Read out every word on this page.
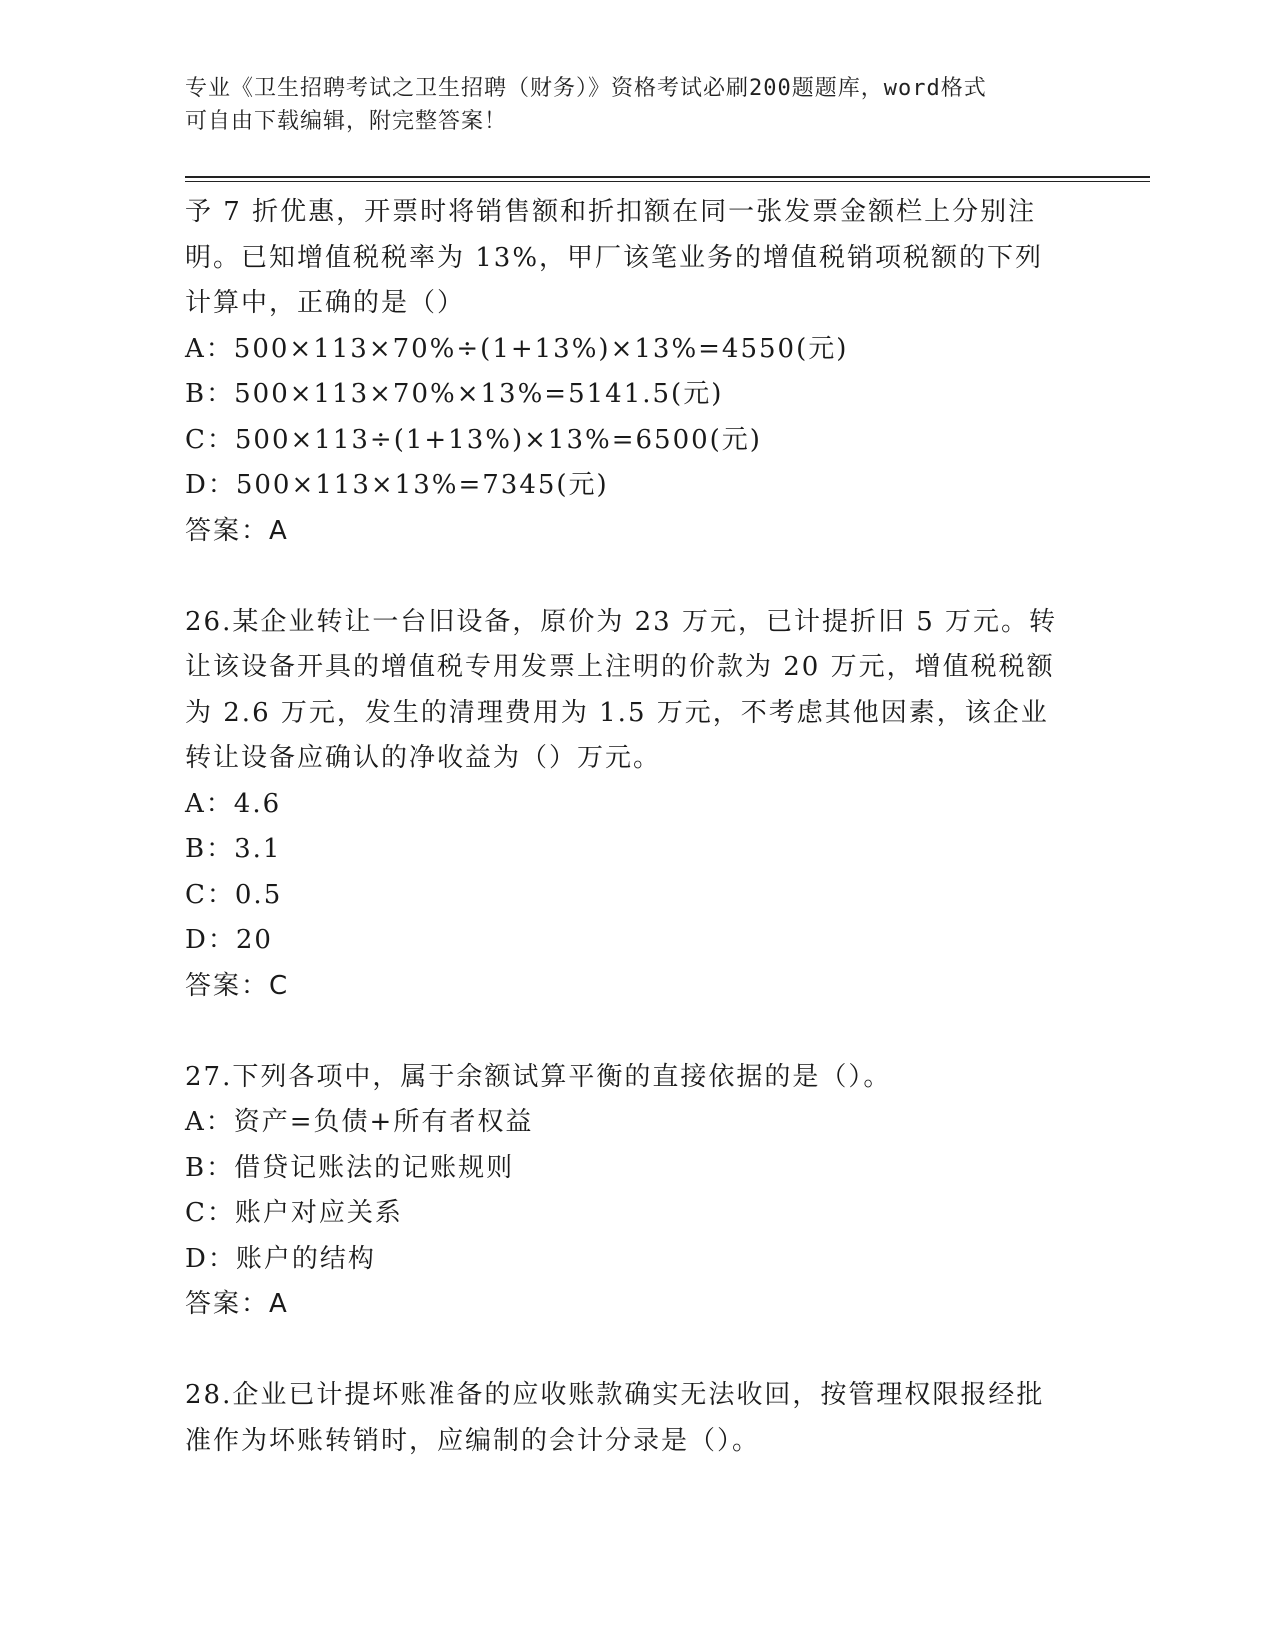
专业《卫生招聘考试之卫生招聘（财务）》资格考试必刷200题题库，word格式
可自由下载编辑，附完整答案！
予 7 折优惠，开票时将销售额和折扣额在同一张发票金额栏上分别注
明。已知增值税税率为 13%，甲厂该笔业务的增值税销项税额的下列
计算中，正确的是（）
A：500×113×70%÷(1+13%)×13%=4550(元)
B：500×113×70%×13%=5141.5(元)
C：500×113÷(1+13%)×13%=6500(元)
D：500×113×13%=7345(元)
答案：A
26.某企业转让一台旧设备，原价为 23 万元，已计提折旧 5 万元。转
让该设备开具的增值税专用发票上注明的价款为 20 万元，增值税税额
为 2.6 万元，发生的清理费用为 1.5 万元，不考虑其他因素，该企业
转让设备应确认的净收益为（）万元。
A：4.6
B：3.1
C：0.5
D：20
答案：C
27.下列各项中，属于余额试算平衡的直接依据的是（）。
A：资产=负债+所有者权益
B：借贷记账法的记账规则
C：账户对应关系
D：账户的结构
答案：A
28.企业已计提坏账准备的应收账款确实无法收回，按管理权限报经批
准作为坏账转销时，应编制的会计分录是（）。
